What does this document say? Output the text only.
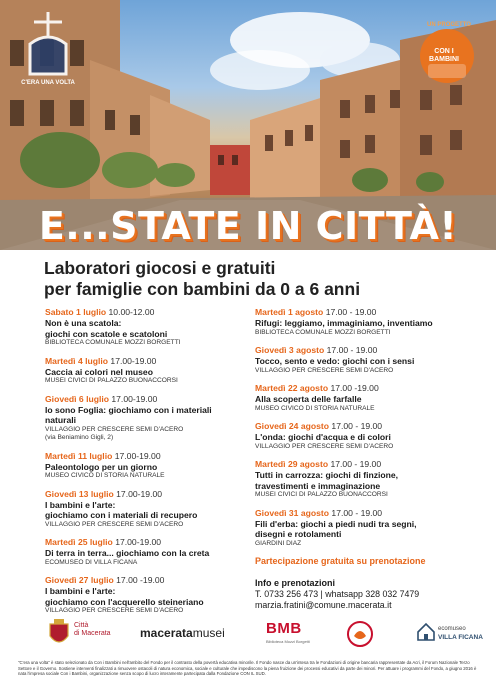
C'ERA UNA VOLTA
UN PROGETTO
CON I BAMBINI
E...STATE IN CITTÀ!
Laboratori giocosi e gratuiti
per famiglie con bambini da 0 a 6 anni
Sabato 1 luglio 10.00-12.00
Non è una scatola:
giochi con scatole e scatoloni
BIBLIOTECA COMUNALE MOZZI BORGETTI
Martedì 4 luglio 17.00-19.00
Caccia ai colori nel museo
MUSEI CIVICI DI PALAZZO BUONACCORSI
Giovedì 6 luglio 17.00-19.00
Io sono Foglia: giochiamo con i materiali naturali
VILLAGGIO PER CRESCERE SEMI D'ACERO
(via Beniamino Gigli, 2)
Martedì 11 luglio 17.00-19.00
Paleontologo per un giorno
MUSEO CIVICO DI STORIA NATURALE
Giovedì 13 luglio 17.00-19.00
I bambini e l'arte:
giochiamo con i materiali di recupero
VILLAGGIO PER CRESCERE SEMI D'ACERO
Martedì 25 luglio 17.00-19.00
Di terra in terra... giochiamo con la creta
ECOMUSEO DI VILLA FICANA
Giovedì 27 luglio 17.00 -19.00
I bambini e l'arte:
giochiamo con l'acquerello steineriano
VILLAGGIO PER CRESCERE SEMI D'ACERO
Martedì 1 agosto 17.00 - 19.00
Rifugi: leggiamo, immaginiamo, inventiamo
BIBLIOTECA COMUNALE MOZZI BORGETTI
Giovedì 3 agosto 17.00 - 19.00
Tocco, sento e vedo: giochi con i sensi
VILLAGGIO PER CRESCERE SEMI D'ACERO
Martedì 22 agosto 17.00 -19.00
Alla scoperta delle farfalle
MUSEO CIVICO DI STORIA NATURALE
Giovedì 24 agosto 17.00 - 19.00
L'onda: giochi d'acqua e di colori
VILLAGGIO PER CRESCERE SEMI D'ACERO
Martedì 29 agosto 17.00 - 19.00
Tutti in carrozza: giochi di finzione,
travestimenti e immaginazione
MUSEI CIVICI DI PALAZZO BUONACCORSI
Giovedì 31 agosto 17.00 - 19.00
Fili d'erba: giochi a piedi nudi tra segni,
disegni e rotolamenti
GIARDINI DIAZ
Partecipazione gratuita su prenotazione
Info e prenotazioni
T. 0733 256 473 | whatsapp 328 032 7479
marzia.fratini@comune.macerata.it
Città
di Macerata maceratamusei	BMB
Biblioteca Mozzi Borgetti
ecomuseo
VILLA FICANA
"C'era una volta" è stato selezionato da Con i Bambini nell'ambito del Fondo per il contrasto della povertà educativa minorile. Il Fondo nasce da un'intesa tra le Fondazioni di origine bancaria rappresentate da Acri, il Forum Nazionale Terzo Settore e il Governo. Sostiene interventi finalizzati a rimuovere ostacoli di natura economica, sociale e culturale che impediscono la piena fruizione dei processi educativi da parte dei minori. Per attuare i programmi del Fondo, a giugno 2016 è nata l'impresa sociale Con i Bambini, organizzazione senza scopo di lucro interamente partecipata dalla Fondazione CON IL SUD.
